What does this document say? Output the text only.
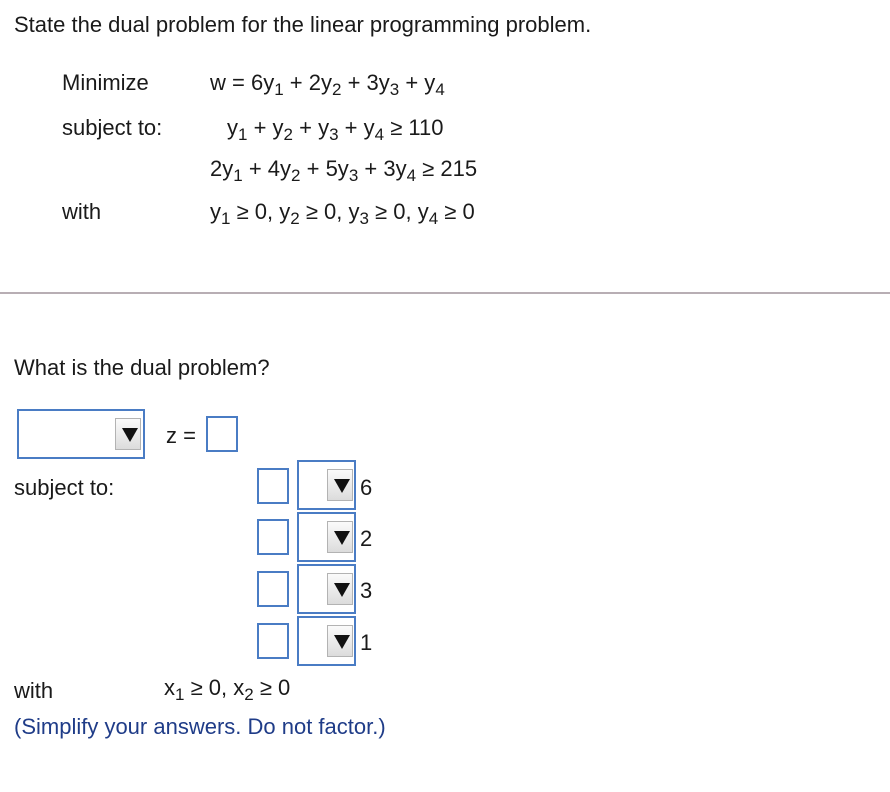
State the dual problem for the linear programming problem.
Minimize	$w = 6y_1 + 2y_2 + 3y_3 + y_4$
subject to:	$y_1 + y_2 + y_3 + y_4 \ge 110$
$2y_1 + 4y_2 + 5y_3 + 3y_4 \ge 215$
with	$y_1 \ge 0$, $y_2 \ge 0$, $y_3 \ge 0$, $y_4 \ge 0$
What is the dual problem?
z =
subject to:	6
2
3
1
with	$x_1 \ge 0$, $x_2 \ge 0$
(Simplify your answers. Do not factor.)
